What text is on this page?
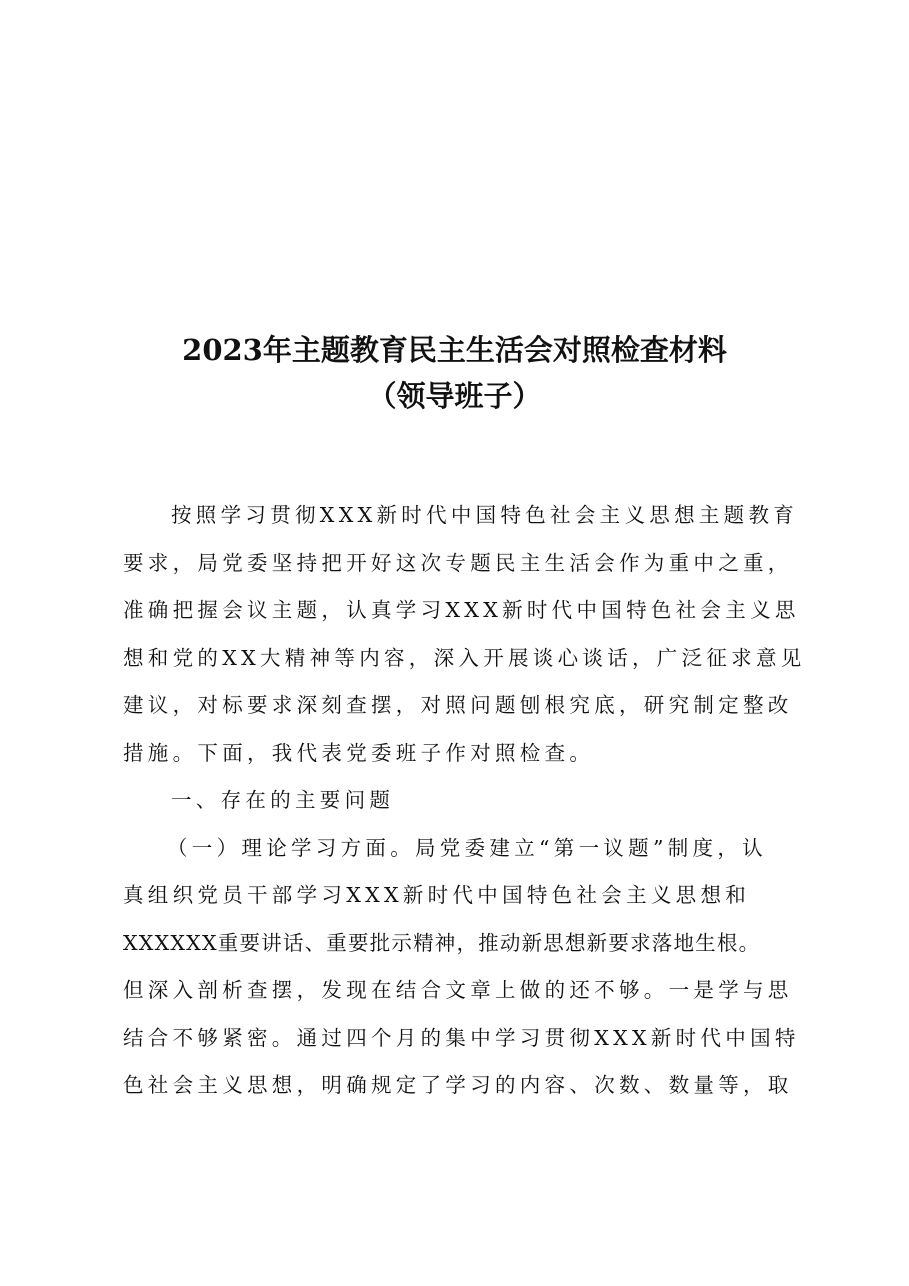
2023年主题教育民主生活会对照检查材料
（领导班子）
按照学习贯彻XXX新时代中国特色社会主义思想主题教育
要求，局党委坚持把开好这次专题民主生活会作为重中之重，
准确把握会议主题，认真学习XXX新时代中国特色社会主义思
想和党的XX大精神等内容，深入开展谈心谈话，广泛征求意见
建议，对标要求深刻查摆，对照问题刨根究底，研究制定整改
措施。下面，我代表党委班子作对照检查。
一、存在的主要问题
（一）理论学习方面。局党委建立“第一议题”制度，认
真组织党员干部学习XXX新时代中国特色社会主义思想和
XXXXXX重要讲话、重要批示精神，推动新思想新要求落地生根。
但深入剖析查摆，发现在结合文章上做的还不够。一是学与思
结合不够紧密。通过四个月的集中学习贯彻XXX新时代中国特
色社会主义思想，明确规定了学习的内容、次数、数量等，取
